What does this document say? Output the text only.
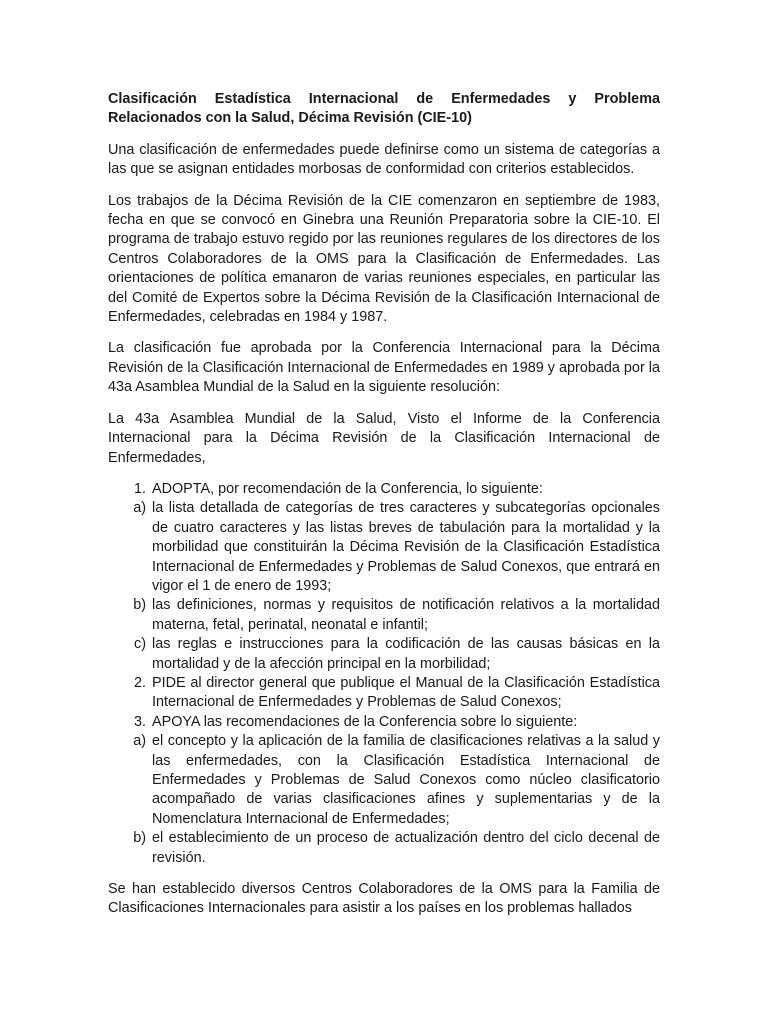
Clasificación Estadística Internacional de Enfermedades y Problema Relacionados con la Salud, Décima Revisión (CIE-10)

Una clasificación de enfermedades puede definirse como un sistema de categorías a las que se asignan entidades morbosas de conformidad con criterios establecidos.

Los trabajos de la Décima Revisión de la CIE comenzaron en septiembre de 1983, fecha en que se convocó en Ginebra una Reunión Preparatoria sobre la CIE-10. El programa de trabajo estuvo regido por las reuniones regulares de los directores de los Centros Colaboradores de la OMS para la Clasificación de Enfermedades. Las orientaciones de política emanaron de varias reuniones especiales, en particular las del Comité de Expertos sobre la Décima Revisión de la Clasificación Internacional de Enfermedades, celebradas en 1984 y 1987.

La clasificación fue aprobada por la Conferencia Internacional para la Décima Revisión de la Clasificación Internacional de Enfermedades en 1989 y aprobada por la 43a Asamblea Mundial de la Salud en la siguiente resolución:

La 43a Asamblea Mundial de la Salud, Visto el Informe de la Conferencia Internacional para la Décima Revisión de la Clasificación Internacional de Enfermedades,

1. ADOPTA, por recomendación de la Conferencia, lo siguiente:
a) la lista detallada de categorías de tres caracteres y subcategorías opcionales de cuatro caracteres y las listas breves de tabulación para la mortalidad y la morbilidad que constituirán la Décima Revisión de la Clasificación Estadística Internacional de Enfermedades y Problemas de Salud Conexos, que entrará en vigor el 1 de enero de 1993;
b) las definiciones, normas y requisitos de notificación relativos a la mortalidad materna, fetal, perinatal, neonatal e infantil;
c) las reglas e instrucciones para la codificación de las causas básicas en la mortalidad y de la afección principal en la morbilidad;
2. PIDE al director general que publique el Manual de la Clasificación Estadística Internacional de Enfermedades y Problemas de Salud Conexos;
3. APOYA las recomendaciones de la Conferencia sobre lo siguiente:
a) el concepto y la aplicación de la familia de clasificaciones relativas a la salud y las enfermedades, con la Clasificación Estadística Internacional de Enfermedades y Problemas de Salud Conexos como núcleo clasificatorio acompañado de varias clasificaciones afines y suplementarias y de la Nomenclatura Internacional de Enfermedades;
b) el establecimiento de un proceso de actualización dentro del ciclo decenal de revisión.

Se han establecido diversos Centros Colaboradores de la OMS para la Familia de Clasificaciones Internacionales para asistir a los países en los problemas hallados
